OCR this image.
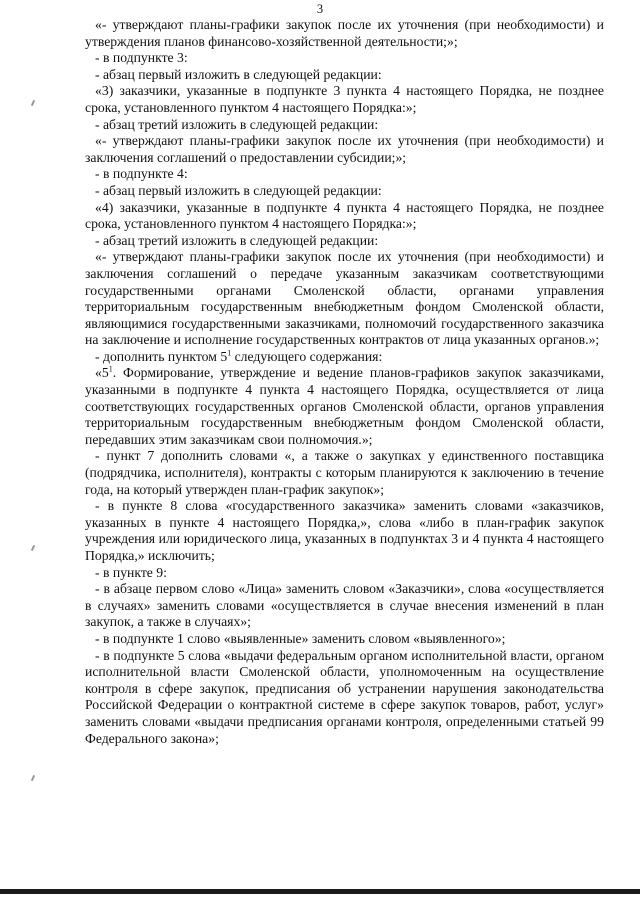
3

«- утверждают планы-графики закупок после их уточнения (при необходимости) и утверждения планов финансово-хозяйственной деятельности;»;

- в подпункте 3:

- абзац первый изложить в следующей редакции:

«3) заказчики, указанные в подпункте 3 пункта 4 настоящего Порядка, не позднее срока, установленного пунктом 4 настоящего Порядка:»;

- абзац третий изложить в следующей редакции:

«- утверждают планы-графики закупок после их уточнения (при необходимости) и заключения соглашений о предоставлении субсидии;»;

- в подпункте 4:

- абзац первый изложить в следующей редакции:

«4) заказчики, указанные в подпункте 4 пункта 4 настоящего Порядка, не позднее срока, установленного пунктом 4 настоящего Порядка:»;

- абзац третий изложить в следующей редакции:

«- утверждают планы-графики закупок после их уточнения (при необходимости) и заключения соглашений о передаче указанным заказчикам соответствующими государственными органами Смоленской области, органами управления территориальным государственным внебюджетным фондом Смоленской области, являющимися государственными заказчиками, полномочий государственного заказчика на заключение и исполнение государственных контрактов от лица указанных органов.»;

- дополнить пунктом $5^1$ следующего содержания:

«$5^1$. Формирование, утверждение и ведение планов-графиков закупок заказчиками, указанными в подпункте 4 пункта 4 настоящего Порядка, осуществляется от лица соответствующих государственных органов Смоленской области, органов управления территориальным государственным внебюджетным фондом Смоленской области, передавших этим заказчикам свои полномочия.»;

- пункт 7 дополнить словами «, а также о закупках у единственного поставщика (подрядчика, исполнителя), контракты с которым планируются к заключению в течение года, на который утвержден план-график закупок»;

- в пункте 8 слова «государственного заказчика» заменить словами «заказчиков, указанных в пункте 4 настоящего Порядка,», слова «либо в план-график закупок учреждения или юридического лица, указанных в подпунктах 3 и 4 пункта 4 настоящего Порядка,» исключить;

- в пункте 9:

- в абзаце первом слово «Лица» заменить словом «Заказчики», слова «осуществляется в случаях» заменить словами «осуществляется в случае внесения изменений в план закупок, а также в случаях»;

- в подпункте 1 слово «выявленные» заменить словом «выявленного»;

- в подпункте 5 слова «выдачи федеральным органом исполнительной власти, органом исполнительной власти Смоленской области, уполномоченным на осуществление контроля в сфере закупок, предписания об устранении нарушения законодательства Российской Федерации о контрактной системе в сфере закупок товаров, работ, услуг» заменить словами «выдачи предписания органами контроля, определенными статьей 99 Федерального закона»;
